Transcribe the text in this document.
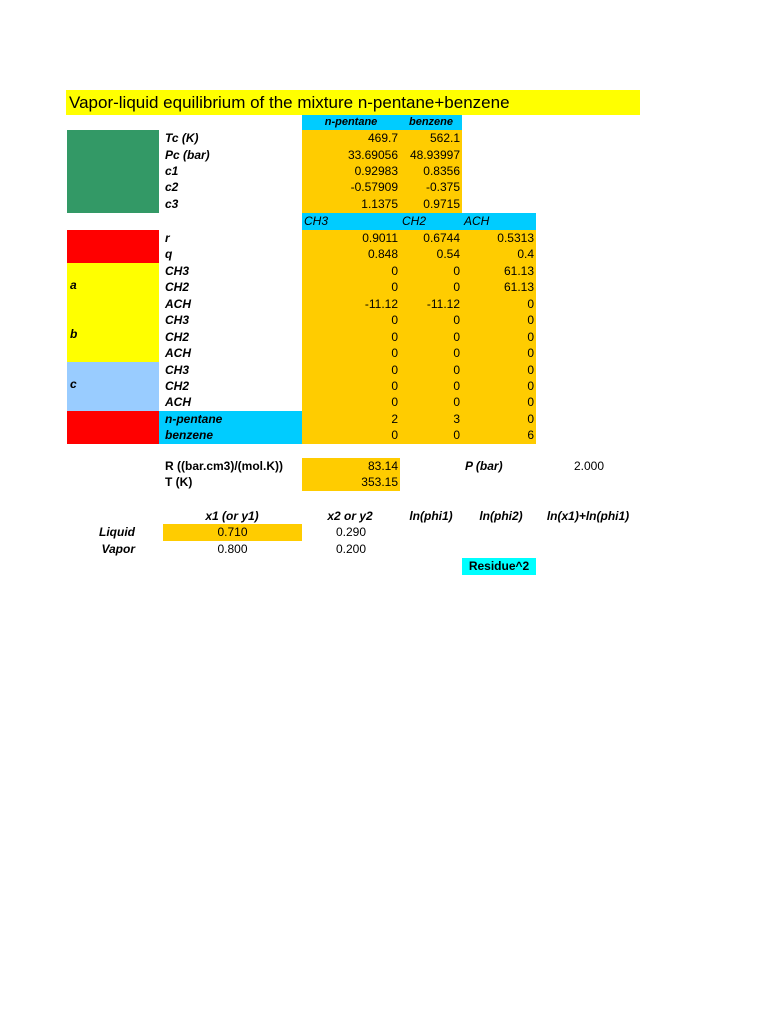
Vapor-liquid equilibrium of the mixture n-pentane+benzene
n-pentane	benzene
Tc (K)	469.7	562.1
Pc (bar)	33.69056 48.93997
c1	0.92983	0.8356
c2	-0.57909	-0.375
c3	1.1375	0.9715
CH3	CH2	ACH
a
b
c
r	0.9011	0.6744	0.5313
q	0.848	0.54	0.4
CH3	0	0	61.13
CH2	0	0	61.13
ACH	-11.12	-11.12	0
CH3	0	0	0
CH2	0	0	0
ACH	0	0	0
CH3	0	0	0
CH2	0	0	0
ACH	0	0	0
n-pentane	2	3	0
benzene	0	0	6
R ((bar.cm3)/(mol.K))	83.14
T (K)	353.15
P (bar)	2.000
x1 (or y1)	x2 or y2	ln(phi1)	ln(phi2)	ln(x1)+ln(phi1)
Liquid	0.710	0.290
Vapor	0.800	0.200
Residue^2
